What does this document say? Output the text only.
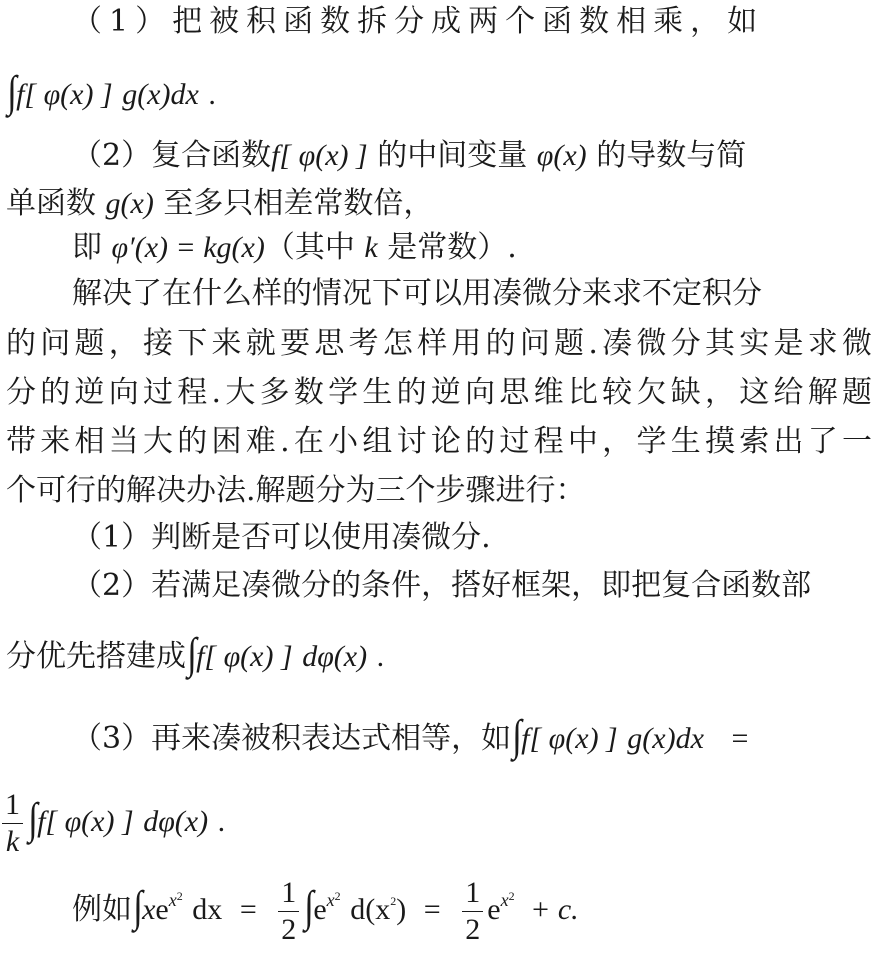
（1）把被积函数拆分成两个函数相乘，如
∫f[ φ(x) ] g(x)dx .
（2）复合函数f[ φ(x) ] 的中间变量 φ(x) 的导数与简
单函数 g(x) 至多只相差常数倍，
即 φ′(x) = kg(x)（其中 k 是常数）.
解决了在什么样的情况下可以用凑微分来求不定积分
的问题，接下来就要思考怎样用的问题.凑微分其实是求微
分的逆向过程.大多数学生的逆向思维比较欠缺，这给解题
带来相当大的困难.在小组讨论的过程中，学生摸索出了一
个可行的解决办法.解题分为三个步骤进行：
（1）判断是否可以使用凑微分.
（2）若满足凑微分的条件，搭好框架，即把复合函数部
分优先搭建成∫f[ φ(x) ] dφ(x) .
（3）再来凑被积表达式相等，如∫f[ φ(x) ] g(x)dx =
$\frac{1}{k} \int f$[ φ(x) ] dφ(x) .
例如$\int xe^{x2}$ dx = $\frac{1}{2} \int e^{x2}$ $d(x^2) = \frac{1}{2} e^{x2} + c$.
